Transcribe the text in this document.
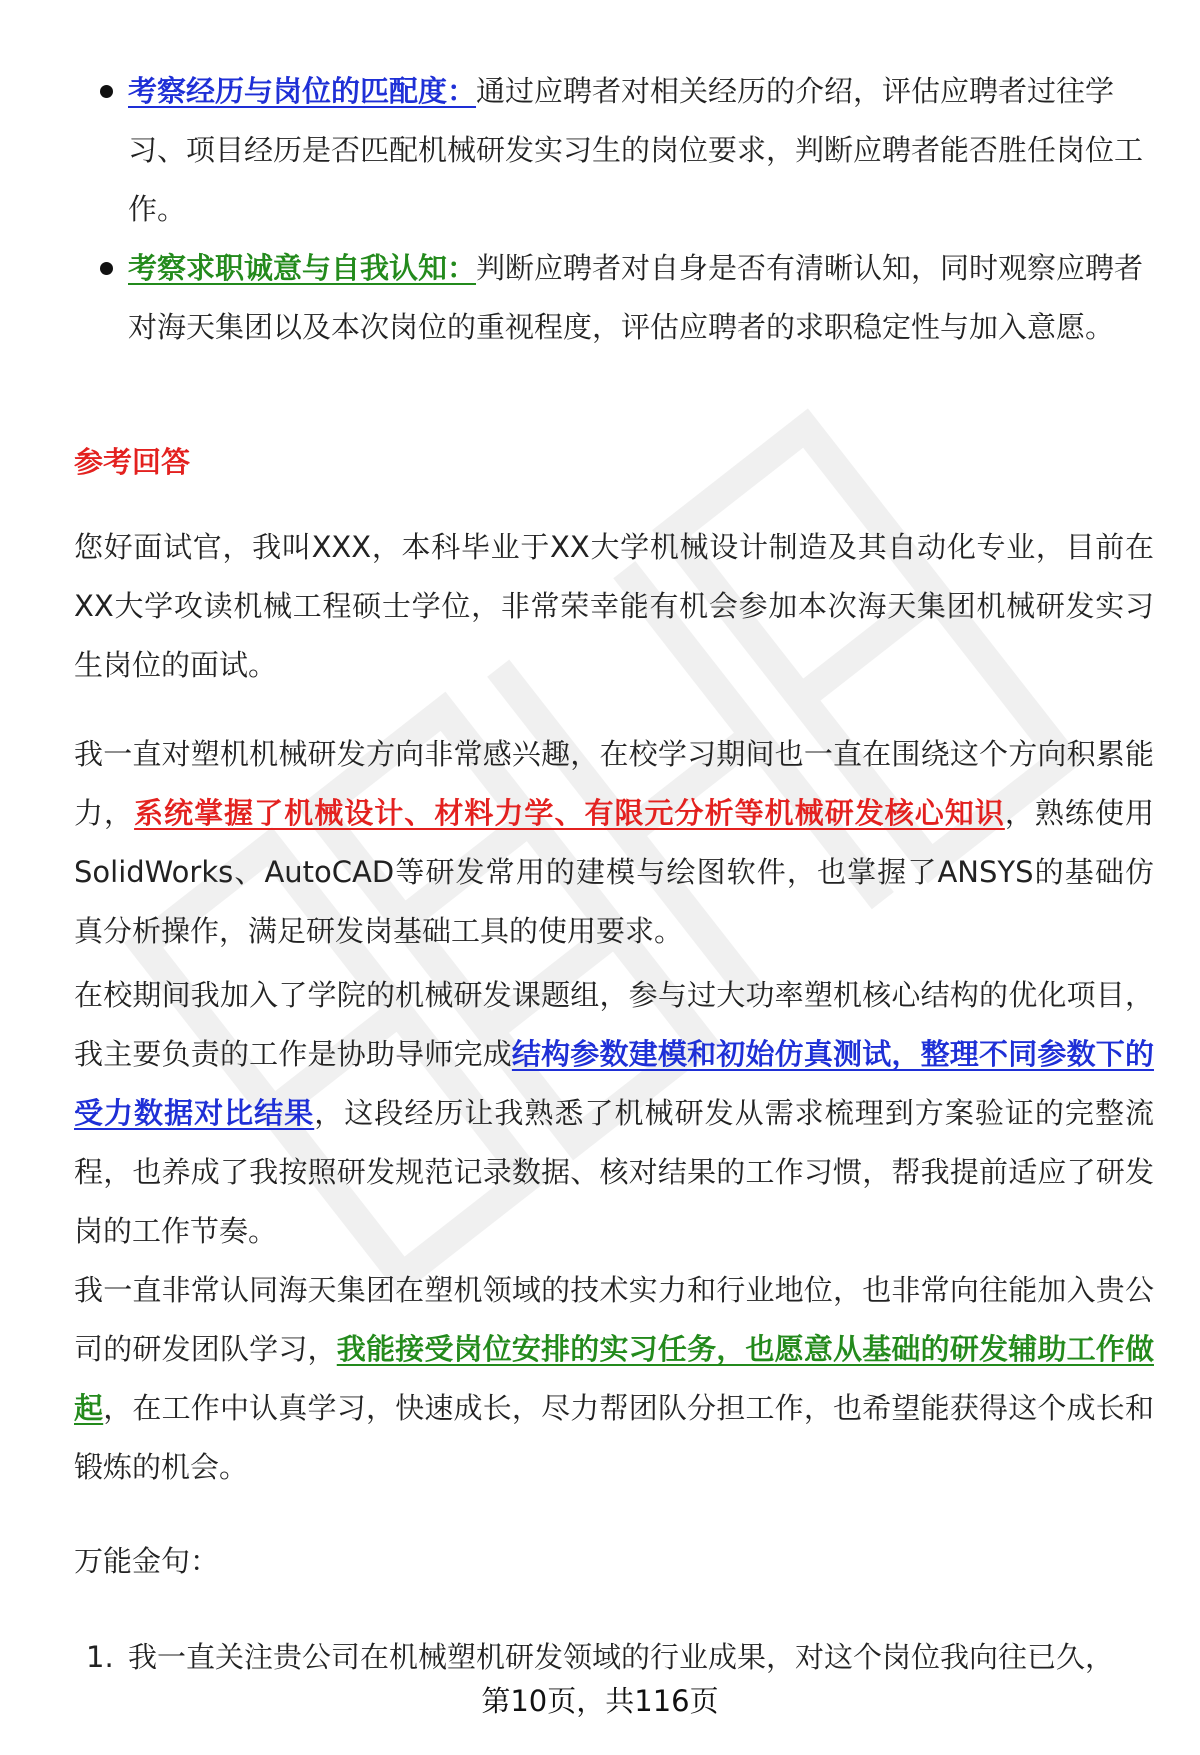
考察经历与岗位的匹配度：通过应聘者对相关经历的介绍，评估应聘者过往学习、项目经历是否匹配机械研发实习生的岗位要求，判断应聘者能否胜任岗位工作。
考察求职诚意与自我认知：判断应聘者对自身是否有清晰认知，同时观察应聘者对海天集团以及本次岗位的重视程度，评估应聘者的求职稳定性与加入意愿。
参考回答

您好面试官，我叫XXX，本科毕业于XX大学机械设计制造及其自动化专业，目前在XX大学攻读机械工程硕士学位，非常荣幸能有机会参加本次海天集团机械研发实习生岗位的面试。

我一直对塑机机械研发方向非常感兴趣，在校学习期间也一直在围绕这个方向积累能力，系统掌握了机械设计、材料力学、有限元分析等机械研发核心知识，熟练使用SolidWorks、AutoCAD等研发常用的建模与绘图软件，也掌握了ANSYS的基础仿真分析操作，满足研发岗基础工具的使用要求。

在校期间我加入了学院的机械研发课题组，参与过大功率塑机核心结构的优化项目，我主要负责的工作是协助导师完成结构参数建模和初始仿真测试，整理不同参数下的受力数据对比结果，这段经历让我熟悉了机械研发从需求梳理到方案验证的完整流程，也养成了我按照研发规范记录数据、核对结果的工作习惯，帮我提前适应了研发岗的工作节奏。

我一直非常认同海天集团在塑机领域的技术实力和行业地位，也非常向往能加入贵公司的研发团队学习，我能接受岗位安排的实习任务，也愿意从基础的研发辅助工作做起，在工作中认真学习，快速成长，尽力帮团队分担工作，也希望能获得这个成长和锻炼的机会。

万能金句：

1. 我一直关注贵公司在机械塑机研发领域的行业成果，对这个岗位我向往已久，
第10页，共116页
